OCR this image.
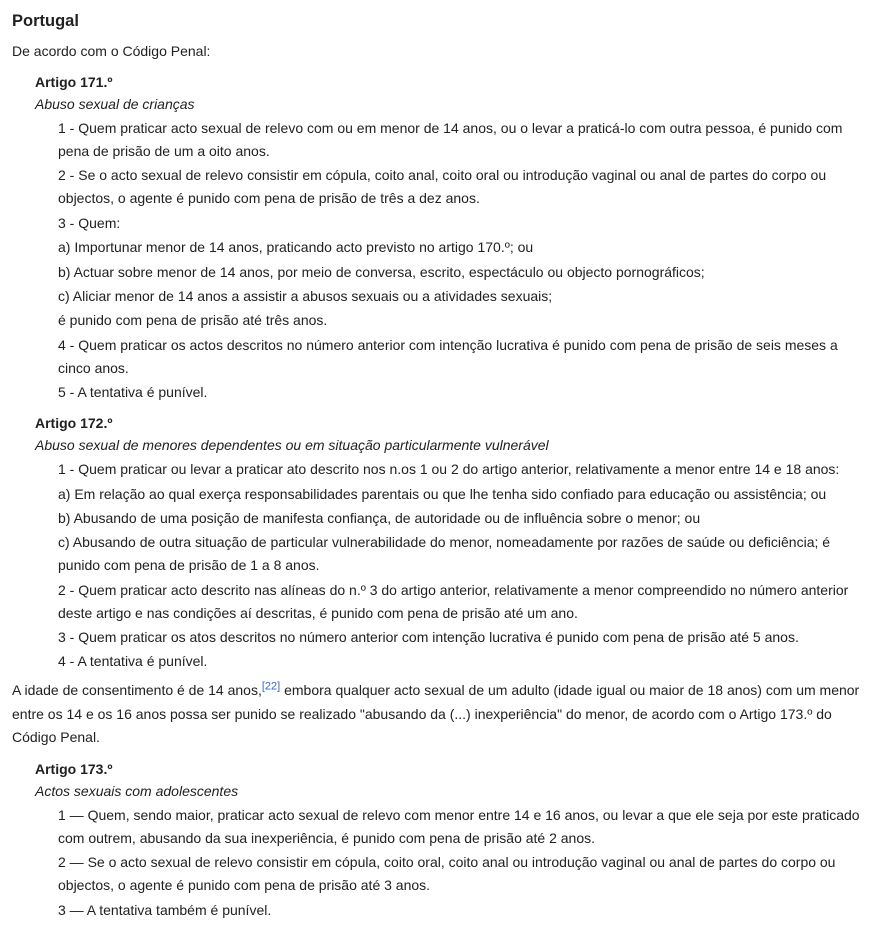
Portugal

De acordo com o Código Penal:

Artigo 171.º

Abuso sexual de crianças

1 - Quem praticar acto sexual de relevo com ou em menor de 14 anos, ou o levar a praticá-lo com outra pessoa, é punido com pena de prisão de um a oito anos.
2 - Se o acto sexual de relevo consistir em cópula, coito anal, coito oral ou introdução vaginal ou anal de partes do corpo ou objectos, o agente é punido com pena de prisão de três a dez anos.
3 - Quem:
a) Importunar menor de 14 anos, praticando acto previsto no artigo 170.º; ou
b) Actuar sobre menor de 14 anos, por meio de conversa, escrito, espectáculo ou objecto pornográficos;
c) Aliciar menor de 14 anos a assistir a abusos sexuais ou a atividades sexuais;
é punido com pena de prisão até três anos.
4 - Quem praticar os actos descritos no número anterior com intenção lucrativa é punido com pena de prisão de seis meses a cinco anos.
5 - A tentativa é punível.

Artigo 172.º

Abuso sexual de menores dependentes ou em situação particularmente vulnerável

1 - Quem praticar ou levar a praticar ato descrito nos n.os 1 ou 2 do artigo anterior, relativamente a menor entre 14 e 18 anos:
a) Em relação ao qual exerça responsabilidades parentais ou que lhe tenha sido confiado para educação ou assistência; ou
b) Abusando de uma posição de manifesta confiança, de autoridade ou de influência sobre o menor; ou
c) Abusando de outra situação de particular vulnerabilidade do menor, nomeadamente por razões de saúde ou deficiência; é punido com pena de prisão de 1 a 8 anos.
2 - Quem praticar acto descrito nas alíneas do n.º 3 do artigo anterior, relativamente a menor compreendido no número anterior deste artigo e nas condições aí descritas, é punido com pena de prisão até um ano.
3 - Quem praticar os atos descritos no número anterior com intenção lucrativa é punido com pena de prisão até 5 anos.
4 - A tentativa é punível.

A idade de consentimento é de 14 anos,[22] embora qualquer acto sexual de um adulto (idade igual ou maior de 18 anos) com um menor entre os 14 e os 16 anos possa ser punido se realizado "abusando da (...) inexperiência" do menor, de acordo com o Artigo 173.º do Código Penal.

Artigo 173.º

Actos sexuais com adolescentes

1 — Quem, sendo maior, praticar acto sexual de relevo com menor entre 14 e 16 anos, ou levar a que ele seja por este praticado com outrem, abusando da sua inexperiência, é punido com pena de prisão até 2 anos.
2 — Se o acto sexual de relevo consistir em cópula, coito oral, coito anal ou introdução vaginal ou anal de partes do corpo ou objectos, o agente é punido com pena de prisão até 3 anos.
3 — A tentativa também é punível.
